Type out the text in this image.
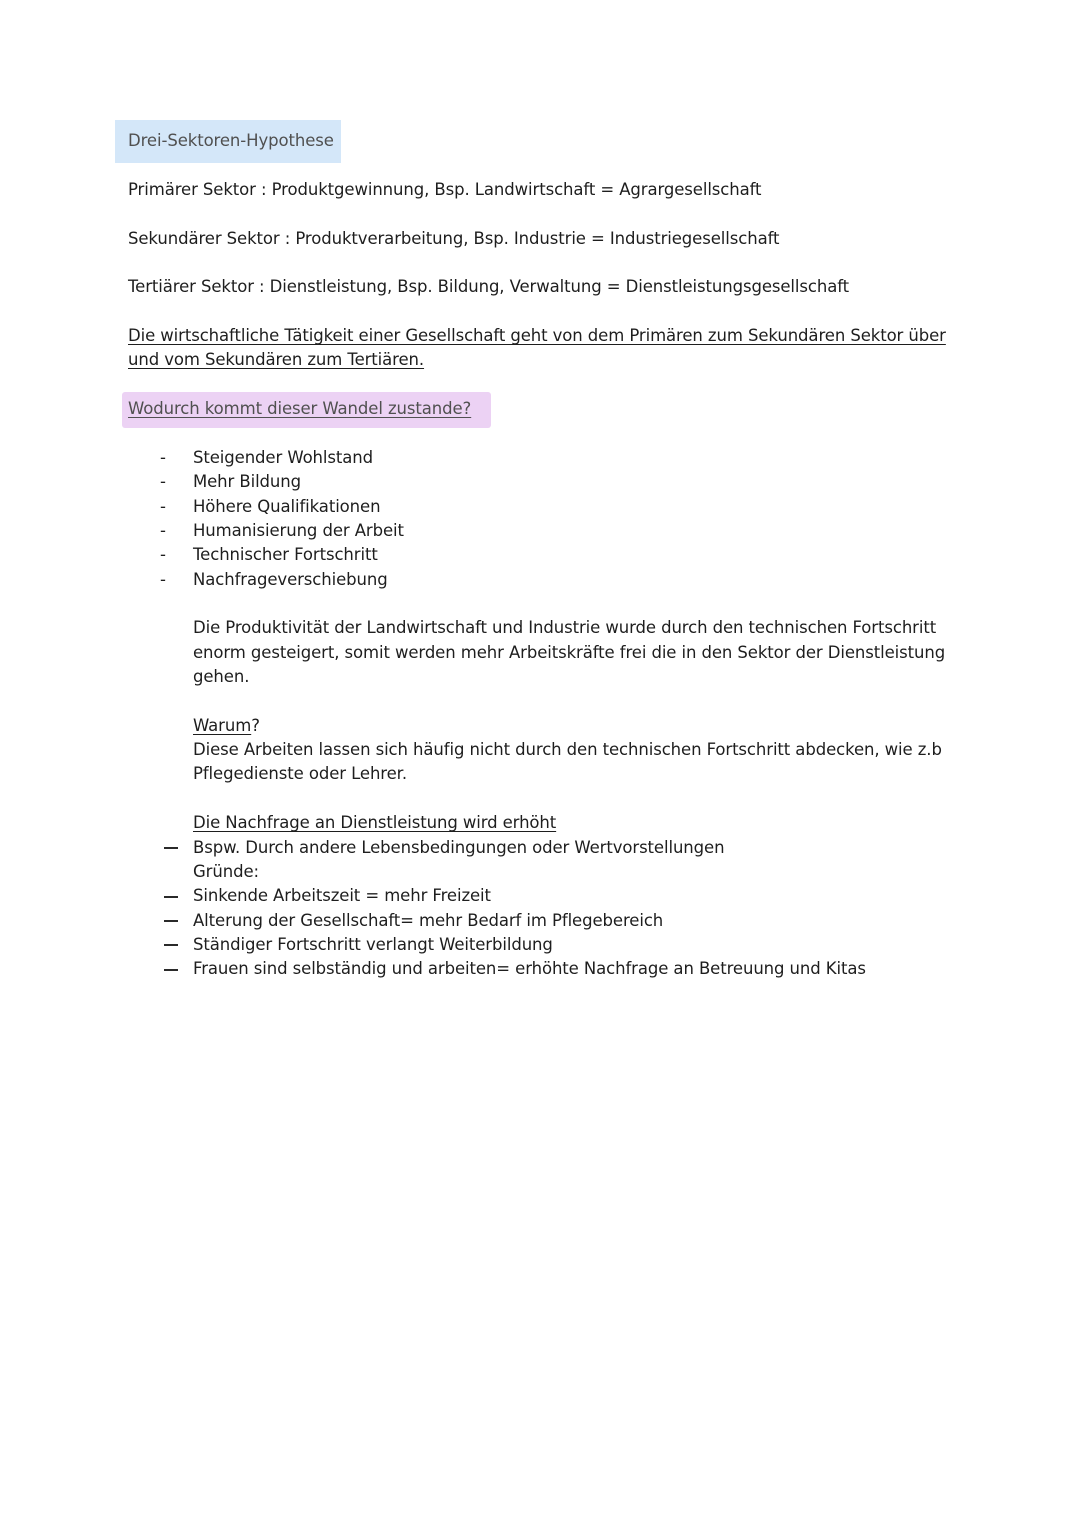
Drei-Sektoren-Hypothese
Primärer Sektor : Produktgewinnung, Bsp. Landwirtschaft = Agrargesellschaft
Sekundärer Sektor : Produktverarbeitung, Bsp. Industrie = Industriegesellschaft
Tertiärer Sektor : Dienstleistung, Bsp. Bildung, Verwaltung = Dienstleistungsgesellschaft
Die wirtschaftliche Tätigkeit einer Gesellschaft geht von dem Primären zum Sekundären Sektor über
und vom Sekundären zum Tertiären.
Wodurch kommt dieser Wandel zustande?
- Steigender Wohlstand
- Mehr Bildung
- Höhere Qualifikationen
- Humanisierung der Arbeit
- Technischer Fortschritt
- Nachfrageverschiebung
Die Produktivität der Landwirtschaft und Industrie wurde durch den technischen Fortschritt
enorm gesteigert, somit werden mehr Arbeitskräfte frei die in den Sektor der Dienstleistung
gehen.
Warum?
Diese Arbeiten lassen sich häufig nicht durch den technischen Fortschritt abdecken, wie z.b
Pflegedienste oder Lehrer.
Die Nachfrage an Dienstleistung wird erhöht
Bspw. Durch andere Lebensbedingungen oder Wertvorstellungen
Gründe:
Sinkende Arbeitszeit = mehr Freizeit
Alterung der Gesellschaft= mehr Bedarf im Pflegebereich
Ständiger Fortschritt verlangt Weiterbildung
Frauen sind selbständig und arbeiten= erhöhte Nachfrage an Betreuung und Kitas
